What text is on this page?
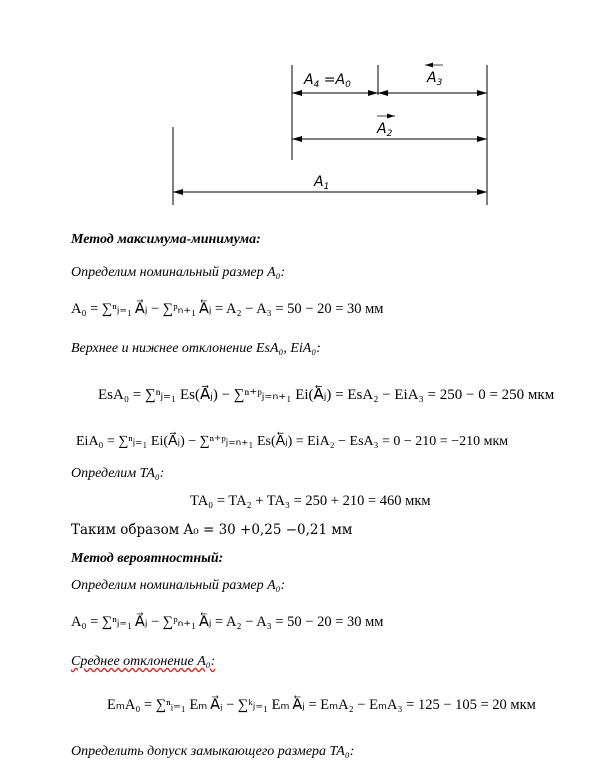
$A_4 =A_0$	$A_3$
$A_2$
$A_1$
Метод максимума-минимума:
Определим номинальный размер A₀:
A₀ = ∑ⁿⱼ₌₁ A⃗ⱼ − ∑ᵖₙ₊₁ A⃖ⱼ = A₂ − A₃ = 50 − 20 = 30 мм
Верхнее и нижнее отклонение EsA₀, EiA₀:
EsA₀ = ∑ⁿⱼ₌₁ Es(A⃗ⱼ) − ∑ⁿ⁺ᵖⱼ₌ₙ₊₁ Ei(A⃖ⱼ) = EsA₂ − EiA₃ = 250 − 0 = 250 мкм
EiA₀ = ∑ⁿⱼ₌₁ Ei(A⃗ⱼ) − ∑ⁿ⁺ᵖⱼ₌ₙ₊₁ Es(A⃖ⱼ) = EiA₂ − EsA₃ = 0 − 210 = −210 мкм
Определим TA₀:
TA₀ = TA₂ + TA₃ = 250 + 210 = 460 мкм
Таким образом A₀ = 30 +0,25 −0,21 мм
Метод вероятностный:
Определим номинальный размер A₀:
A₀ = ∑ⁿⱼ₌₁ A⃗ⱼ − ∑ᵖₙ₊₁ A⃖ⱼ = A₂ − A₃ = 50 − 20 = 30 мм
Среднее отклонение A₀:
EₘA₀ = ∑ⁿᵢ₌₁ Eₘ A⃗ᵢ − ∑ᵏⱼ₌₁ Eₘ A⃖ⱼ = EₘA₂ − EₘA₃ = 125 − 105 = 20 мкм
Определить допуск замыкающего размера TA₀:
